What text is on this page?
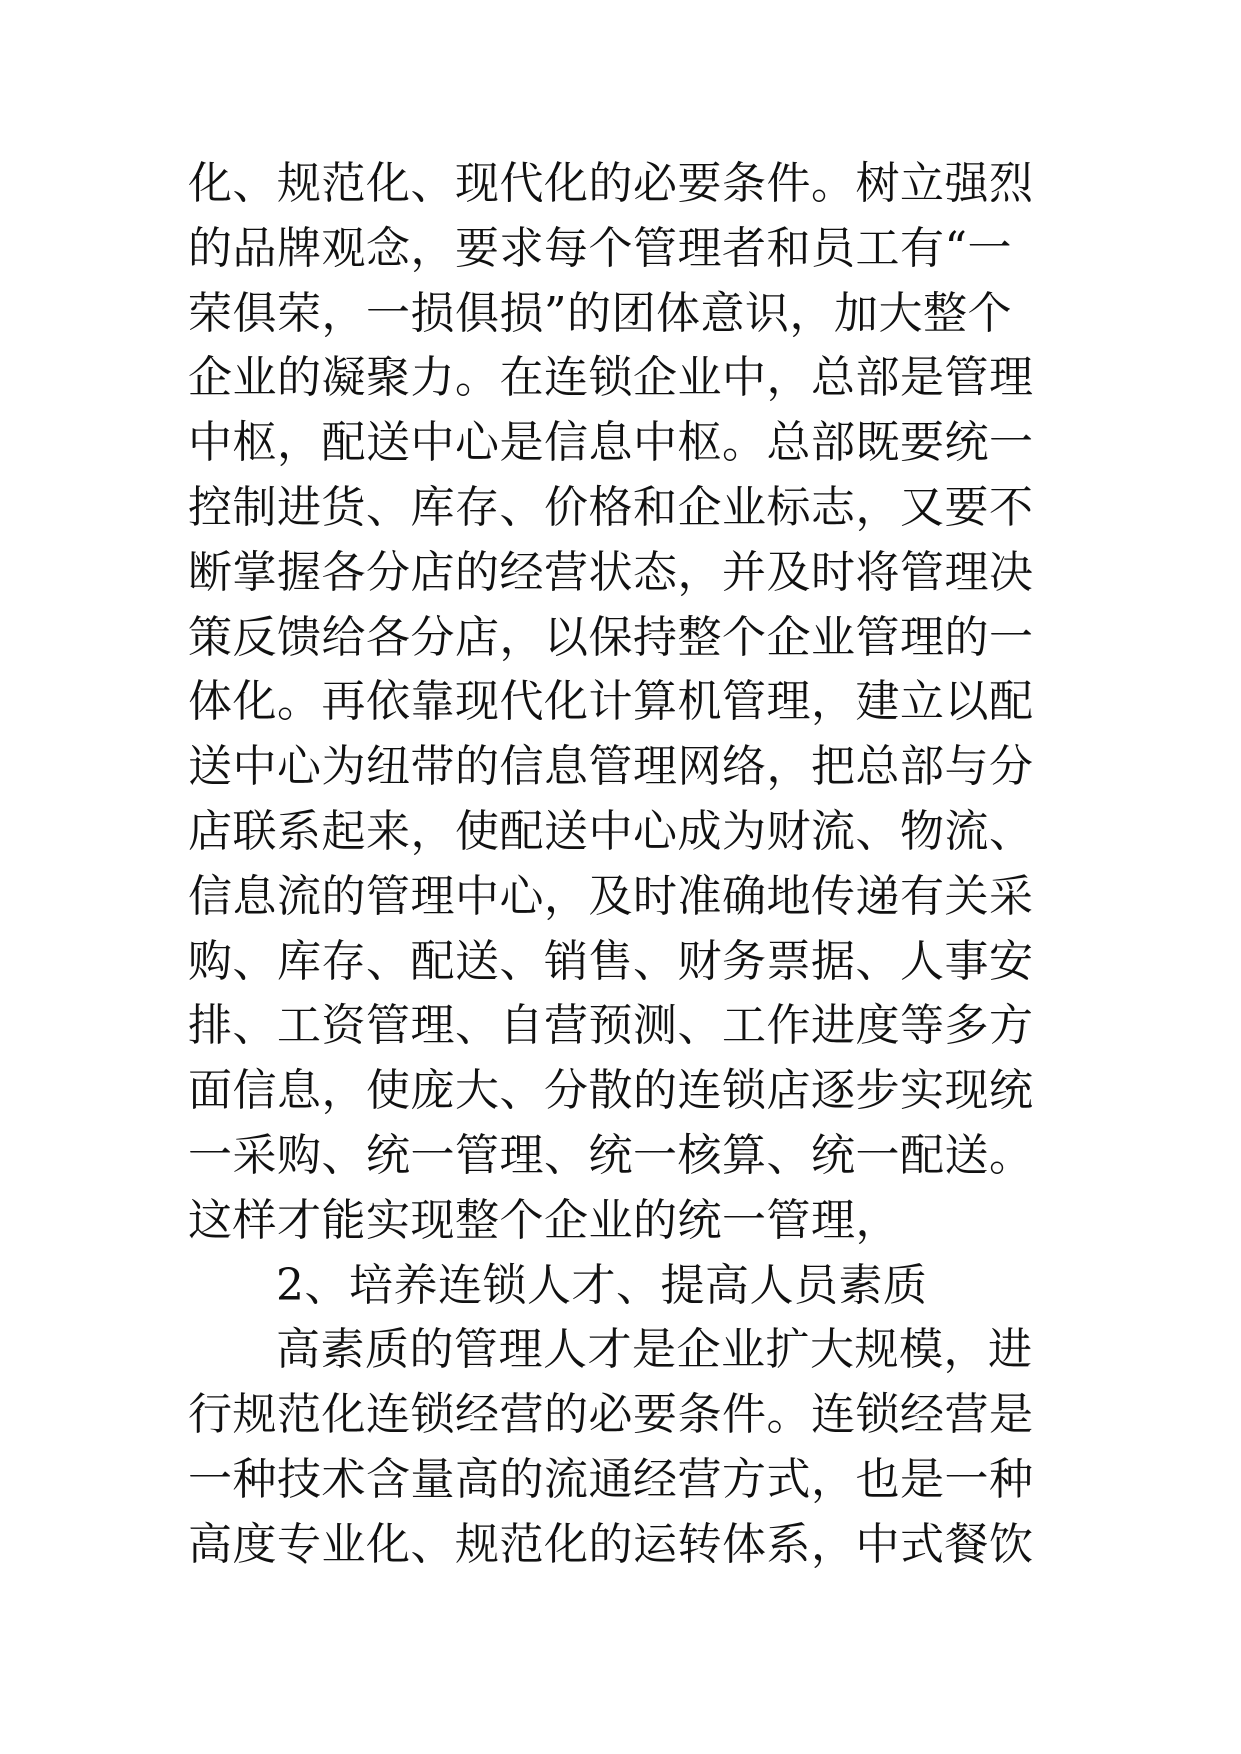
化、规范化、现代化的必要条件。树立强烈
的品牌观念，要求每个管理者和员工有“一
荣俱荣，一损俱损”的团体意识，加大整个
企业的凝聚力。在连锁企业中，总部是管理
中枢，配送中心是信息中枢。总部既要统一
控制进货、库存、价格和企业标志，又要不
断掌握各分店的经营状态，并及时将管理决
策反馈给各分店，以保持整个企业管理的一
体化。再依靠现代化计算机管理，建立以配
送中心为纽带的信息管理网络，把总部与分
店联系起来，使配送中心成为财流、物流、
信息流的管理中心，及时准确地传递有关采
购、库存、配送、销售、财务票据、人事安
排、工资管理、自营预测、工作进度等多方
面信息，使庞大、分散的连锁店逐步实现统
一采购、统一管理、统一核算、统一配送。
这样才能实现整个企业的统一管理，
2、培养连锁人才、提高人员素质
高素质的管理人才是企业扩大规模，进
行规范化连锁经营的必要条件。连锁经营是
一种技术含量高的流通经营方式，也是一种
高度专业化、规范化的运转体系，中式餐饮
